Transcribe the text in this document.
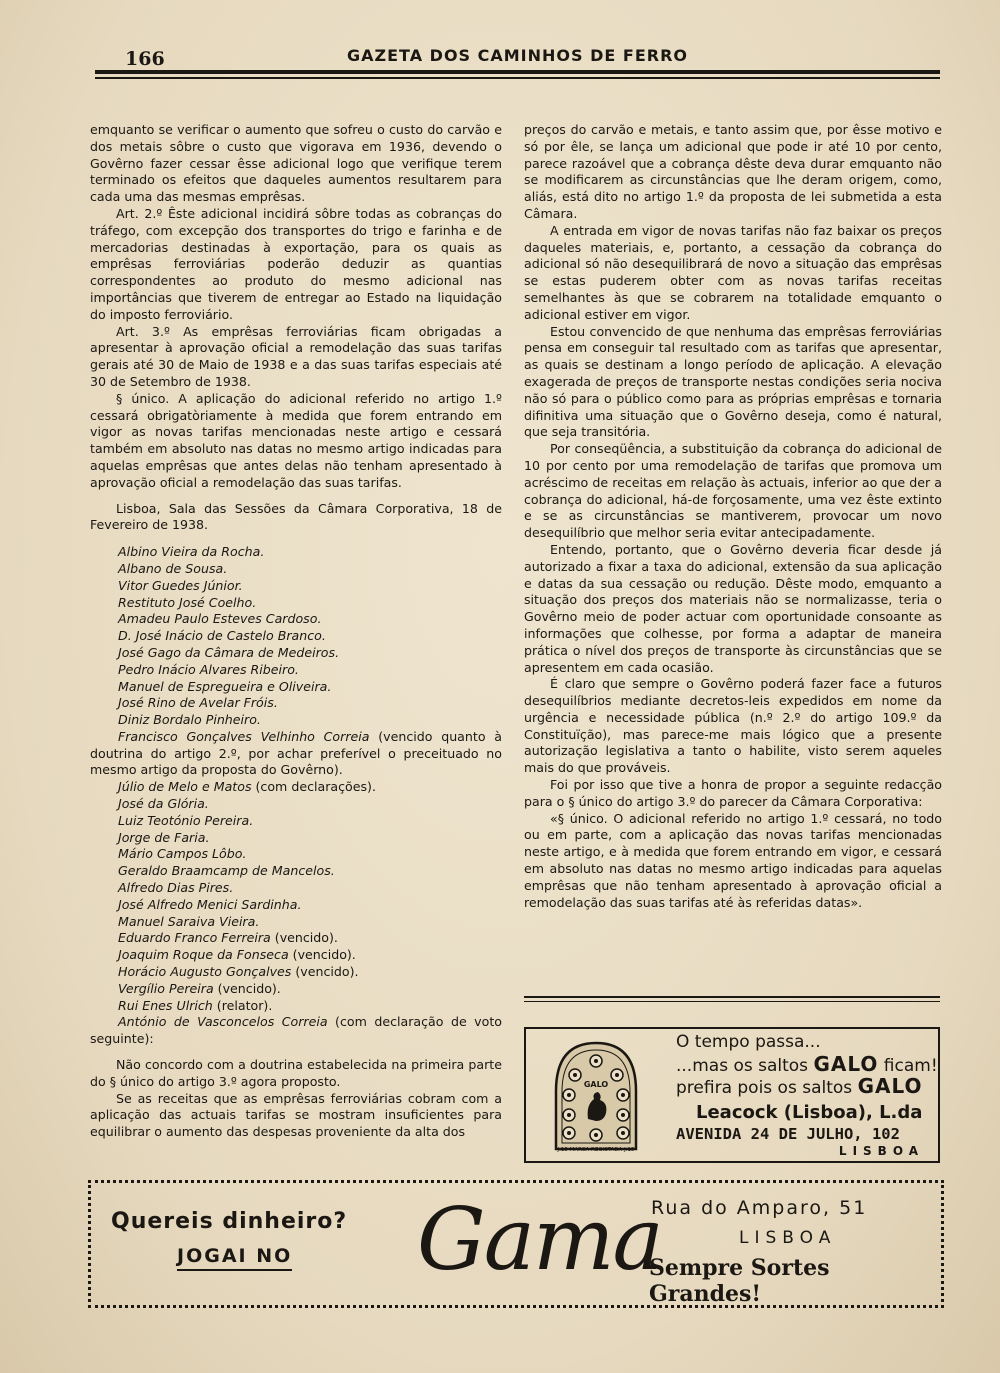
166	GAZETA DOS CAMINHOS DE FERRO

emquanto se verificar o aumento que sofreu o custo do carvão e dos metais sôbre o custo que vigorava em 1936, devendo o Govêrno fazer cessar êsse adicional logo que verifique terem terminado os efeitos que daqueles aumentos resultarem para cada uma das mesmas emprêsas.

Art. 2.º Êste adicional incidirá sôbre todas as cobranças do tráfego, com excepção dos transportes do trigo e farinha e de mercadorias destinadas à exportação, para os quais as emprêsas ferroviárias poderão deduzir as quantias correspondentes ao produto do mesmo adicional nas importâncias que tiverem de entregar ao Estado na liquidação do imposto ferroviário.

Art. 3.º As emprêsas ferroviárias ficam obrigadas a apresentar à aprovação oficial a remodelação das suas tarifas gerais até 30 de Maio de 1938 e a das suas tarifas especiais até 30 de Setembro de 1938.

§ único. A aplicação do adicional referido no artigo 1.º cessará obrigatòriamente à medida que forem entrando em vigor as novas tarifas mencionadas neste artigo e cessará também em absoluto nas datas no mesmo artigo indicadas para aquelas emprêsas que antes delas não tenham apresentado à aprovação oficial a remodelação das suas tarifas.

Lisboa, Sala das Sessões da Câmara Corporativa, 18 de Fevereiro de 1938.

Albino Vieira da Rocha.
Albano de Sousa.
Vitor Guedes Júnior.
Restituto José Coelho.
Amadeu Paulo Esteves Cardoso.
D. José Inácio de Castelo Branco.
José Gago da Câmara de Medeiros.
Pedro Inácio Alvares Ribeiro.
Manuel de Espregueira e Oliveira.
José Rino de Avelar Fróis.
Diniz Bordalo Pinheiro.
Francisco Gonçalves Velhinho Correia (vencido quanto à doutrina do artigo 2.º, por achar preferível o preceituado no mesmo artigo da proposta do Govêrno).
Júlio de Melo e Matos (com declarações).
José da Glória.
Luiz Teotónio Pereira.
Jorge de Faria.
Mário Campos Lôbo.
Geraldo Braamcamp de Mancelos.
Alfredo Dias Pires.
José Alfredo Menici Sardinha.
Manuel Saraiva Vieira.
Eduardo Franco Ferreira (vencido).
Joaquim Roque da Fonseca (vencido).
Horácio Augusto Gonçalves (vencido).
Vergílio Pereira (vencido).
Rui Enes Ulrich (relator).
António de Vasconcelos Correia (com declaração de voto seguinte):

Não concordo com a doutrina estabelecida na primeira parte do § único do artigo 3.º agora proposto.

Se as receitas que as emprêsas ferroviárias cobram com a aplicação das actuais tarifas se mostram insuficientes para equilibrar o aumento das despesas proveniente da alta dos

preços do carvão e metais, e tanto assim que, por êsse motivo e só por êle, se lança um adicional que pode ir até 10 por cento, parece razoável que a cobrança dêste deva durar emquanto não se modificarem as circunstâncias que lhe deram origem, como, aliás, está dito no artigo 1.º da proposta de lei submetida a esta Câmara.

A entrada em vigor de novas tarifas não faz baixar os preços daqueles materiais, e, portanto, a cessação da cobrança do adicional só não desequilibrará de novo a situação das emprêsas se estas puderem obter com as novas tarifas receitas semelhantes às que se cobrarem na totalidade emquanto o adicional estiver em vigor.

Estou convencido de que nenhuma das emprêsas ferroviárias pensa em conseguir tal resultado com as tarifas que apresentar, as quais se destinam a longo período de aplicação. A elevação exagerada de preços de transporte nestas condições seria nociva não só para o público como para as próprias emprêsas e tornaria difinitiva uma situação que o Govêrno deseja, como é natural, que seja transitória.

Por conseqüência, a substituição da cobrança do adicional de 10 por cento por uma remodelação de tarifas que promova um acréscimo de receitas em relação às actuais, inferior ao que der a cobrança do adicional, há-de forçosamente, uma vez êste extinto e se as circunstâncias se mantiverem, provocar um novo desequilíbrio que melhor seria evitar antecipadamente.

Entendo, portanto, que o Govêrno deveria ficar desde já autorizado a fixar a taxa do adicional, extensão da sua aplicação e datas da sua cessação ou redução. Dêste modo, emquanto a situação dos preços dos materiais não se normalizasse, teria o Govêrno meio de poder actuar com oportunidade consoante as informações que colhesse, por forma a adaptar de maneira prática o nível dos preços de transporte às circunstâncias que se apresentem em cada ocasião.

É claro que sempre o Govêrno poderá fazer face a futuros desequilíbrios mediante decretos-leis expedidos em nome da urgência e necessidade pública (n.º 2.º do artigo 109.º da Constituïção), mas parece-me mais lógico que a presente autorização legislativa a tanto o habilite, visto serem aqueles mais do que prováveis.

Foi por isso que tive a honra de propor a seguinte redacção para o § único do artigo 3.º do parecer da Câmara Corporativa:

«§ único. O adicional referido no artigo 1.º cessará, no todo ou em parte, com a aplicação das novas tarifas mencionadas neste artigo, e à medida que forem entrando em vigor, e cessará em absoluto nas datas no mesmo artigo indicadas para aquelas emprêsas que não tenham apresentado à aprovação oficial a remodelação das suas tarifas até às referidas datas».

GALO
J.15 MARCA REGISTADA J.15
O tempo passa...
...mas os saltos GALO ficam!
prefira pois os saltos GALO
Leacock (Lisboa), L.da
AVENIDA 24 DE JULHO, 102
LISBOA
Quereis dinheiro?
JOGAI NO Gama
Rua do Amparo, 51
LISBOA
Sempre Sortes Grandes!
